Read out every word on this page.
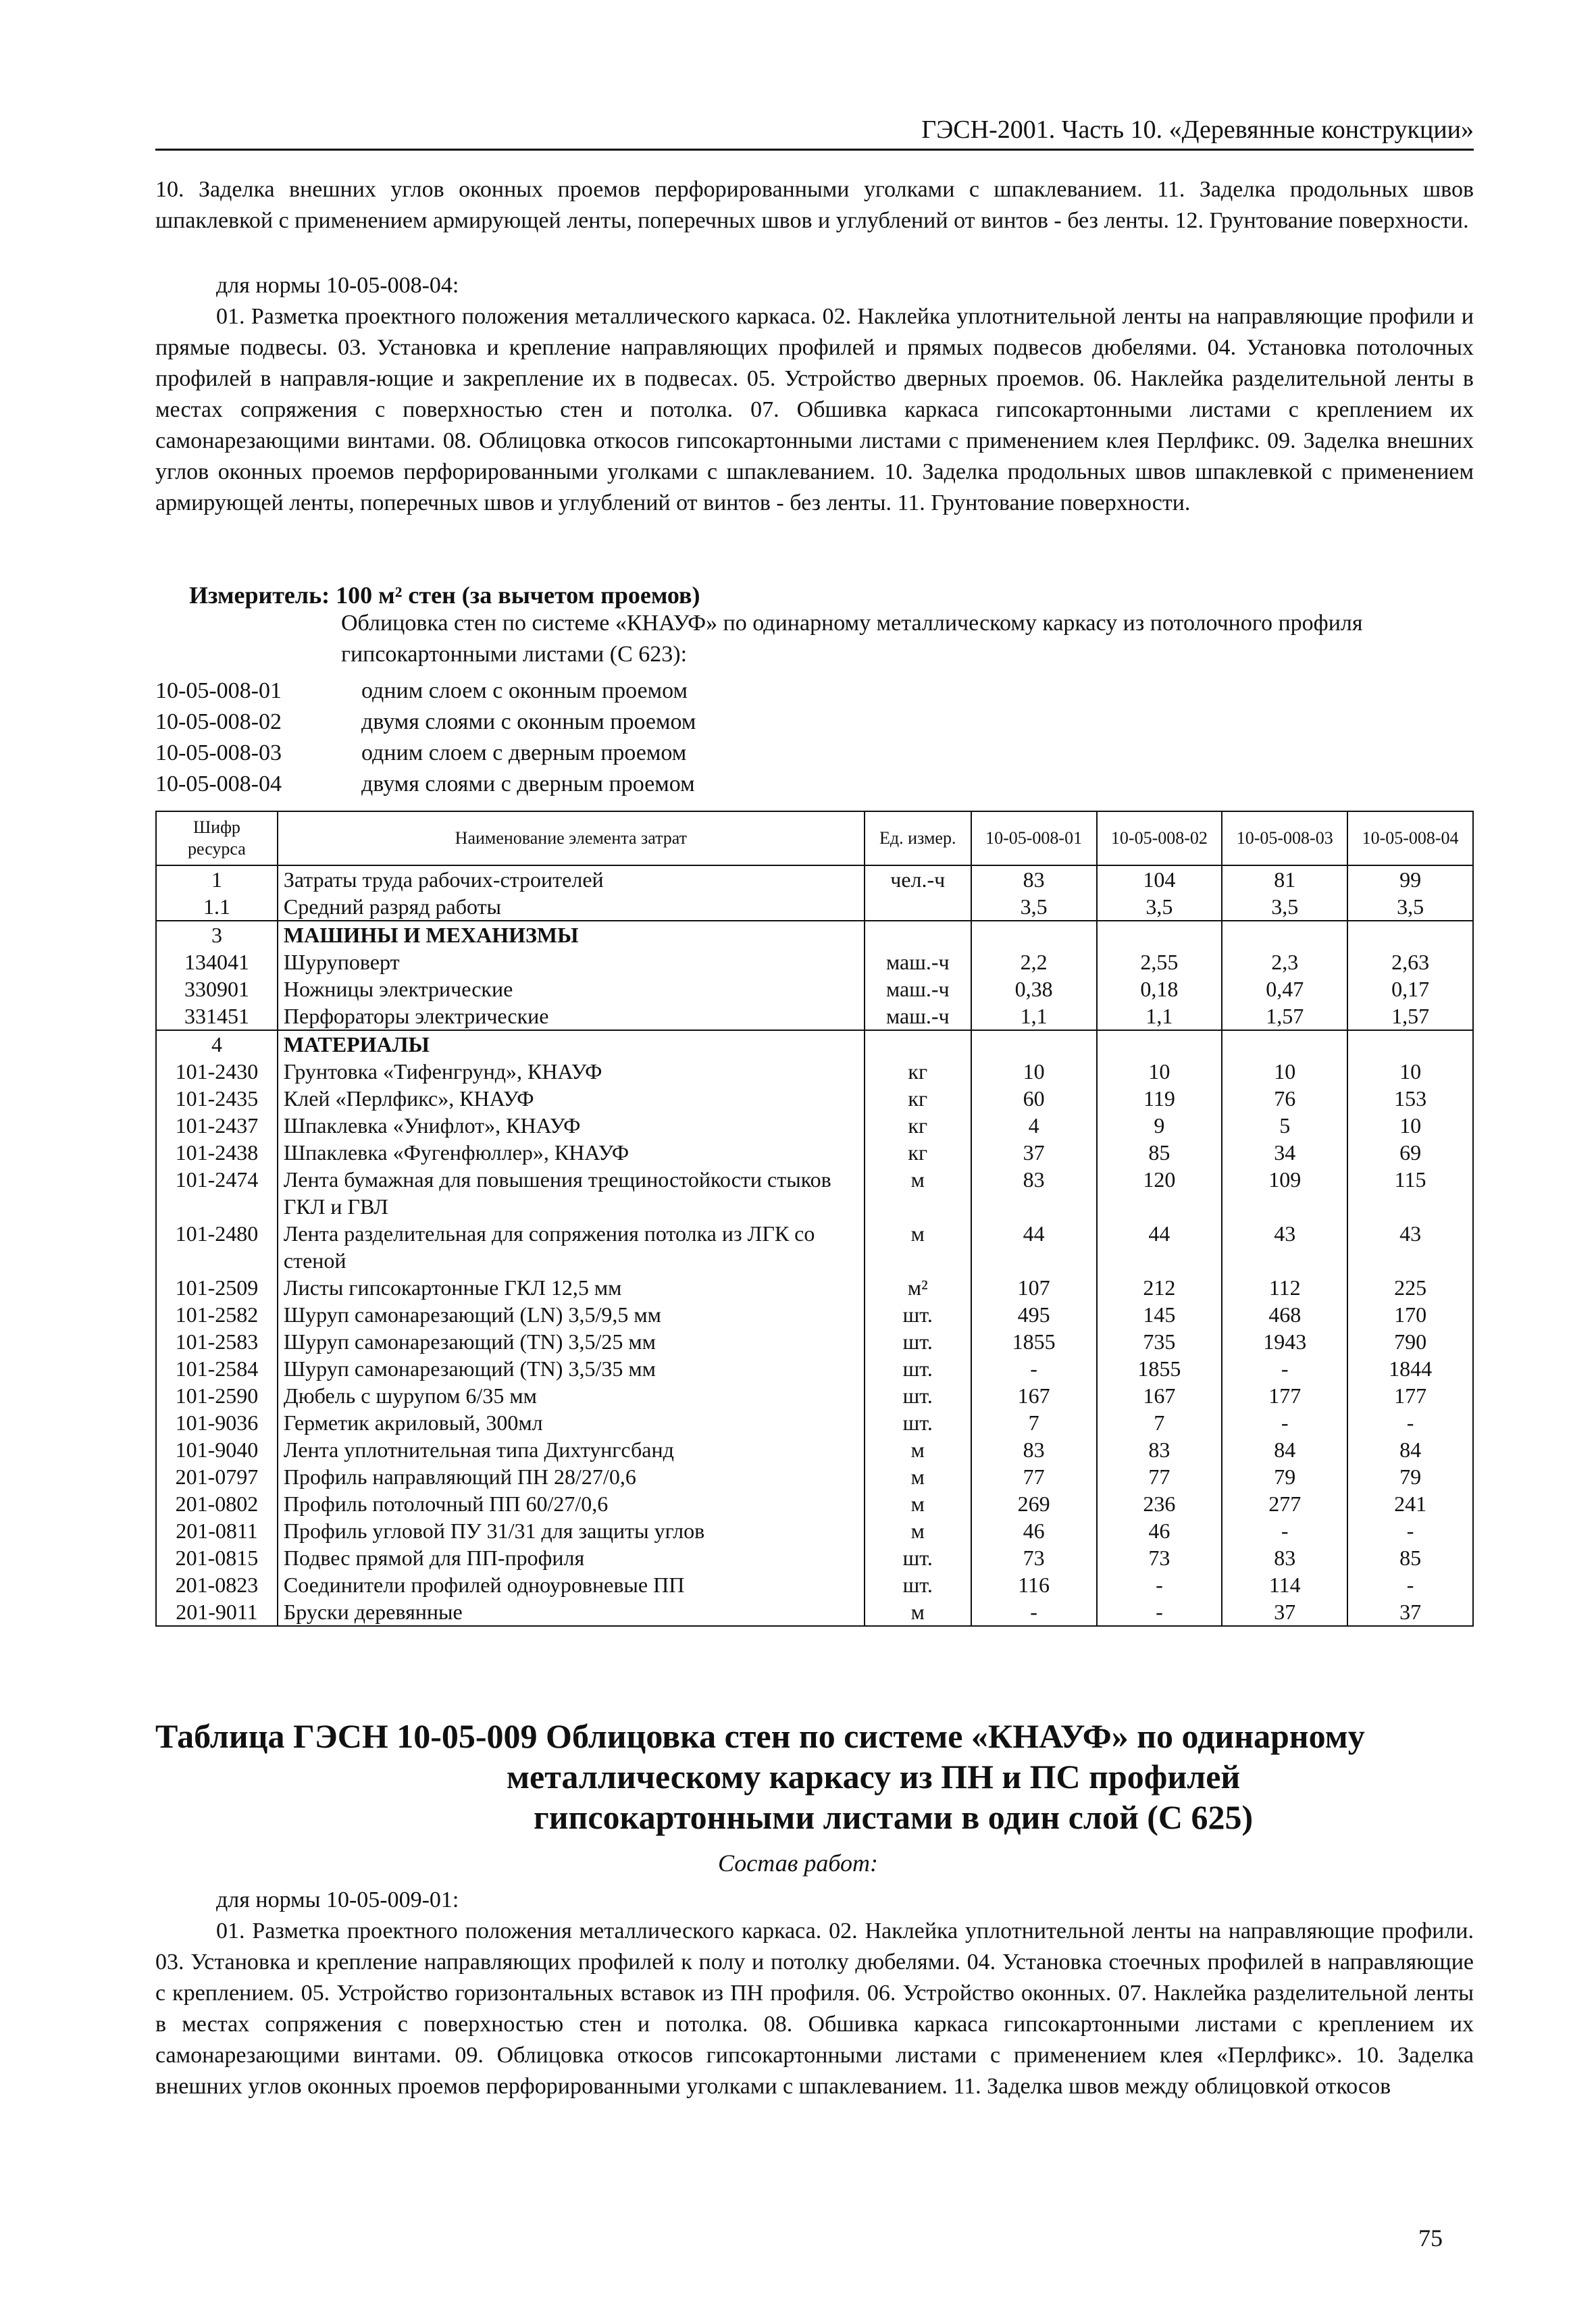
ГЭСН-2001. Часть 10. «Деревянные конструкции»
10. Заделка внешних углов оконных проемов перфорированными уголками с шпаклеванием. 11. Заделка продольных швов шпаклевкой с применением армирующей ленты, поперечных швов и углублений от винтов - без ленты. 12. Грунтование поверхности.
для нормы 10-05-008-04:
01. Разметка проектного положения металлического каркаса. 02. Наклейка уплотнительной ленты на направляющие профили и прямые подвесы. 03. Установка и крепление направляющих профилей и прямых подвесов дюбелями. 04. Установка потолочных профилей в направля-ющие и закрепление их в подвесах. 05. Устройство дверных проемов. 06. Наклейка разделительной ленты в местах сопряжения с поверхностью стен и потолка. 07. Обшивка каркаса гипсокартонными листами с креплением их самонарезающими винтами. 08. Облицовка откосов гипсокартонными листами с применением клея Перлфикс. 09. Заделка внешних углов оконных проемов перфорированными уголками с шпаклеванием. 10. Заделка продольных швов шпаклевкой с применением армирующей ленты, поперечных швов и углублений от винтов - без ленты. 11. Грунтование поверхности.
Измеритель: 100 м² стен (за вычетом проемов)
Облицовка стен по системе «КНАУФ» по одинарному металлическому каркасу из потолочного профиля гипсокартонными листами (С 623):
10-05-008-01	одним слоем с оконным проемом
10-05-008-02	двумя слоями с оконным проемом
10-05-008-03	одним слоем с дверным проемом
10-05-008-04	двумя слоями с дверным проемом
Шифр ресурса	Наименование элемента затрат	Ед. измер.	10-05-008-01	10-05-008-02	10-05-008-03	10-05-008-04
1	Затраты труда рабочих-строителей	чел.-ч	83	104	81	99
1.1	Средний разряд работы		3,5	3,5	3,5	3,5
3	МАШИНЫ И МЕХАНИЗМЫ					
134041	Шуруповерт	маш.-ч	2,2	2,55	2,3	2,63
330901	Ножницы электрические	маш.-ч	0,38	0,18	0,47	0,17
331451	Перфораторы электрические	маш.-ч	1,1	1,1	1,57	1,57
4	МАТЕРИАЛЫ					
101-2430	Грунтовка «Тифенгрунд», КНАУФ	кг	10	10	10	10
101-2435	Клей «Перлфикс», КНАУФ	кг	60	119	76	153
101-2437	Шпаклевка «Унифлот», КНАУФ	кг	4	9	5	10
101-2438	Шпаклевка «Фугенфюллер», КНАУФ	кг	37	85	34	69
101-2474	Лента бумажная для повышения трещиностойкости стыков ГКЛ и ГВЛ	м	83	120	109	115
101-2480	Лента разделительная для сопряжения потолка из ЛГК со стеной	м	44	44	43	43
101-2509	Листы гипсокартонные ГКЛ 12,5 мм	м²	107	212	112	225
101-2582	Шуруп самонарезающий (LN) 3,5/9,5 мм	шт.	495	145	468	170
101-2583	Шуруп самонарезающий (TN) 3,5/25 мм	шт.	1855	735	1943	790
101-2584	Шуруп самонарезающий (TN) 3,5/35 мм	шт.	-	1855	-	1844
101-2590	Дюбель с шурупом 6/35 мм	шт.	167	167	177	177
101-9036	Герметик акриловый, 300мл	шт.	7	7	-	-
101-9040	Лента уплотнительная типа Дихтунгсбанд	м	83	83	84	84
201-0797	Профиль направляющий ПН 28/27/0,6	м	77	77	79	79
201-0802	Профиль потолочный ПП 60/27/0,6	м	269	236	277	241
201-0811	Профиль угловой ПУ 31/31 для защиты углов	м	46	46	-	-
201-0815	Подвес прямой для ПП-профиля	шт.	73	73	83	85
201-0823	Соединители профилей одноуровневые ПП	шт.	116	-	114	-
201-9011	Бруски деревянные	м	-	-	37	37
Таблица ГЭСН 10-05-009 Облицовка стен по системе «КНАУФ» по одинарному
металлическому каркасу из ПН и ПС профилей
гипсокартонными листами в один слой (С 625)
Состав работ:
для нормы 10-05-009-01:
01. Разметка проектного положения металлического каркаса. 02. Наклейка уплотнительной ленты на направляющие профили. 03. Установка и крепление направляющих профилей к полу и потолку дюбелями. 04. Установка стоечных профилей в направляющие с креплением. 05. Устройство горизонтальных вставок из ПН профиля. 06. Устройство оконных. 07. Наклейка разделительной ленты в местах сопряжения с поверхностью стен и потолка. 08. Обшивка каркаса гипсокартонными листами с креплением их самонарезающими винтами. 09. Облицовка откосов гипсокартонными листами с применением клея «Перлфикс». 10. Заделка внешних углов оконных проемов перфорированными уголками с шпаклеванием. 11. Заделка швов между облицовкой откосов
75
